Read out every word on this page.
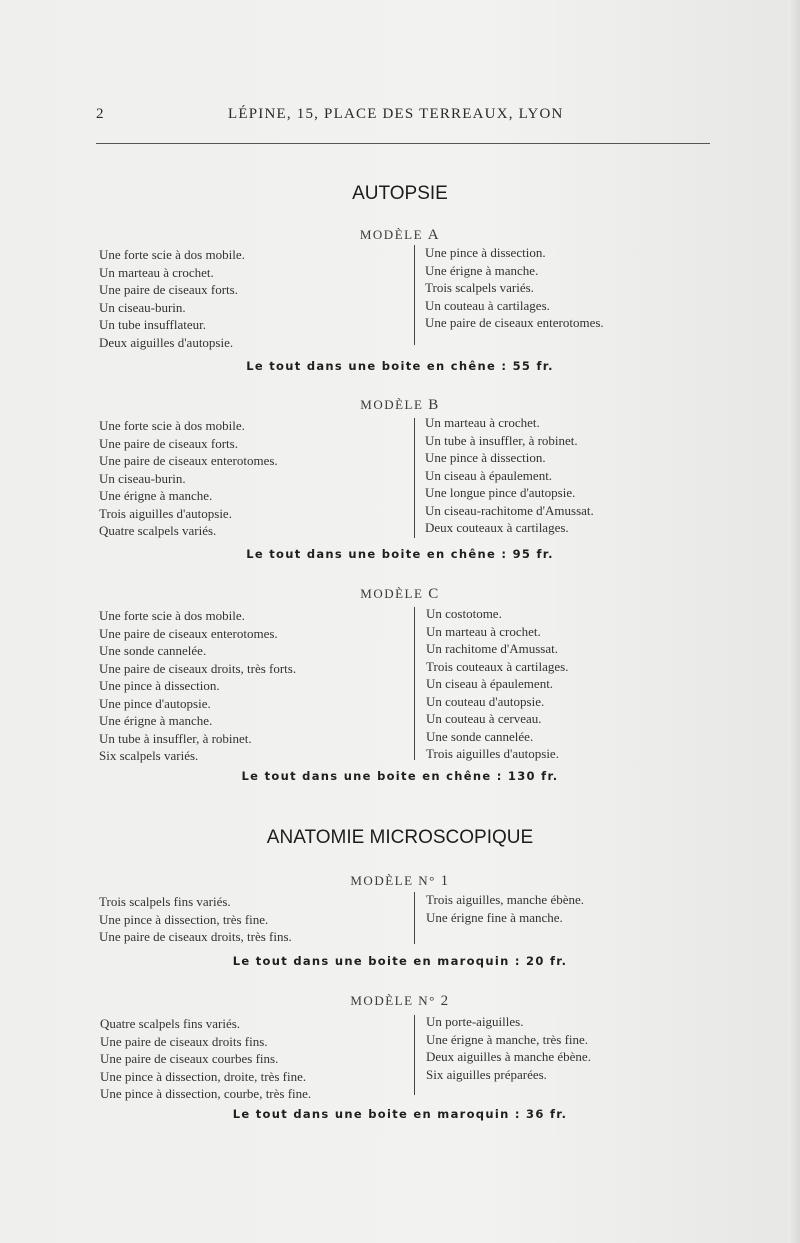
2	LÉPINE, 15, PLACE DES TERREAUX, LYON
AUTOPSIE
MODÈLE A
Une forte scie à dos mobile.
Un marteau à crochet.
Une paire de ciseaux forts.
Un ciseau-burin.
Un tube insufflateur.
Deux aiguilles d'autopsie.
Une pince à dissection.
Une érigne à manche.
Trois scalpels variés.
Un couteau à cartilages.
Une paire de ciseaux enterotomes.
Le tout dans une boite en chêne : 55 fr.
MODÈLE B
Une forte scie à dos mobile.
Une paire de ciseaux forts.
Une paire de ciseaux enterotomes.
Un ciseau-burin.
Une érigne à manche.
Trois aiguilles d'autopsie.
Quatre scalpels variés.
Un marteau à crochet.
Un tube à insuffler, à robinet.
Une pince à dissection.
Un ciseau à épaulement.
Une longue pince d'autopsie.
Un ciseau-rachitome d'Amussat.
Deux couteaux à cartilages.
Le tout dans une boite en chêne : 95 fr.
MODÈLE C
Une forte scie à dos mobile.
Une paire de ciseaux enterotomes.
Une sonde cannelée.
Une paire de ciseaux droits, très forts.
Une pince à dissection.
Une pince d'autopsie.
Une érigne à manche.
Un tube à insuffler, à robinet.
Six scalpels variés.
Un costotome.
Un marteau à crochet.
Un rachitome d'Amussat.
Trois couteaux à cartilages.
Un ciseau à épaulement.
Un couteau d'autopsie.
Un couteau à cerveau.
Une sonde cannelée.
Trois aiguilles d'autopsie.
Le tout dans une boite en chêne : 130 fr.
ANATOMIE MICROSCOPIQUE
MODÈLE N° 1
Trois scalpels fins variés.
Une pince à dissection, très fine.
Une paire de ciseaux droits, très fins.
Trois aiguilles, manche ébène.
Une érigne fine à manche.
Le tout dans une boite en maroquin : 20 fr.
MODÈLE N° 2
Quatre scalpels fins variés.
Une paire de ciseaux droits fins.
Une paire de ciseaux courbes fins.
Une pince à dissection, droite, très fine.
Une pince à dissection, courbe, très fine.
Un porte-aiguilles.
Une érigne à manche, très fine.
Deux aiguilles à manche ébène.
Six aiguilles préparées.
Le tout dans une boite en maroquin : 36 fr.
